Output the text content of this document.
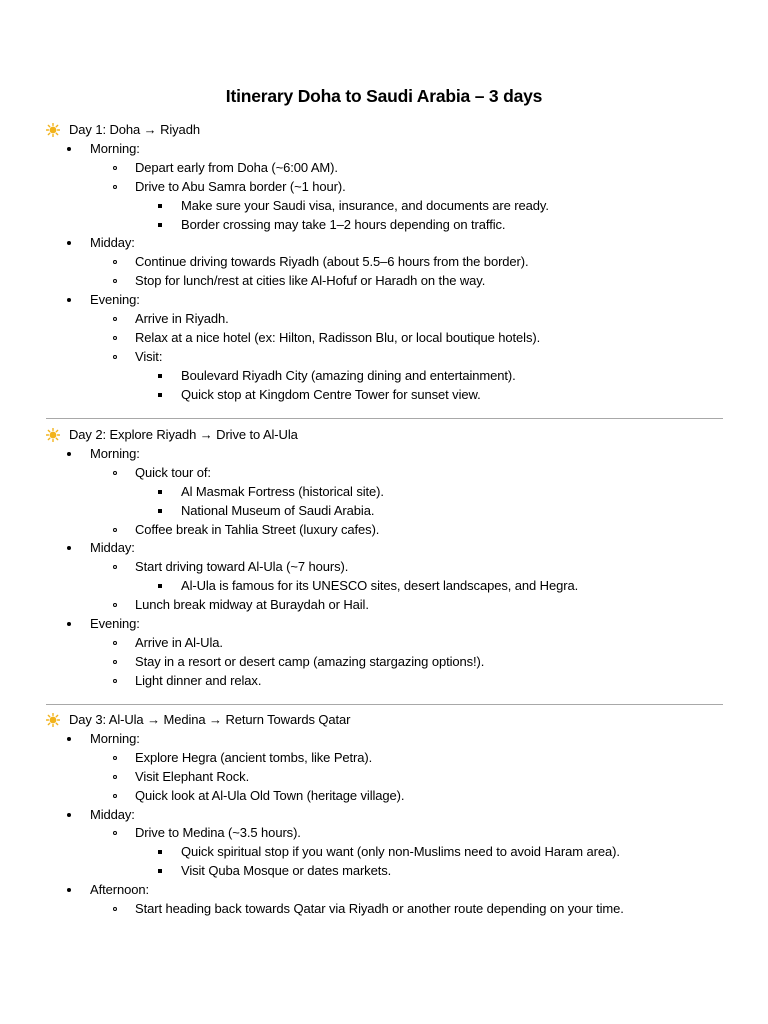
Itinerary Doha to Saudi Arabia – 3 days
Day 1: Doha → Riyadh
Morning:
Depart early from Doha (~6:00 AM).
Drive to Abu Samra border (~1 hour).
Make sure your Saudi visa, insurance, and documents are ready.
Border crossing may take 1–2 hours depending on traffic.
Midday:
Continue driving towards Riyadh (about 5.5–6 hours from the border).
Stop for lunch/rest at cities like Al-Hofuf or Haradh on the way.
Evening:
Arrive in Riyadh.
Relax at a nice hotel (ex: Hilton, Radisson Blu, or local boutique hotels).
Visit:
Boulevard Riyadh City (amazing dining and entertainment).
Quick stop at Kingdom Centre Tower for sunset view.
Day 2: Explore Riyadh → Drive to Al-Ula
Morning:
Quick tour of:
Al Masmak Fortress (historical site).
National Museum of Saudi Arabia.
Coffee break in Tahlia Street (luxury cafes).
Midday:
Start driving toward Al-Ula (~7 hours).
Al-Ula is famous for its UNESCO sites, desert landscapes, and Hegra.
Lunch break midway at Buraydah or Hail.
Evening:
Arrive in Al-Ula.
Stay in a resort or desert camp (amazing stargazing options!).
Light dinner and relax.
Day 3: Al-Ula → Medina → Return Towards Qatar
Morning:
Explore Hegra (ancient tombs, like Petra).
Visit Elephant Rock.
Quick look at Al-Ula Old Town (heritage village).
Midday:
Drive to Medina (~3.5 hours).
Quick spiritual stop if you want (only non-Muslims need to avoid Haram area).
Visit Quba Mosque or dates markets.
Afternoon:
Start heading back towards Qatar via Riyadh or another route depending on your time.
